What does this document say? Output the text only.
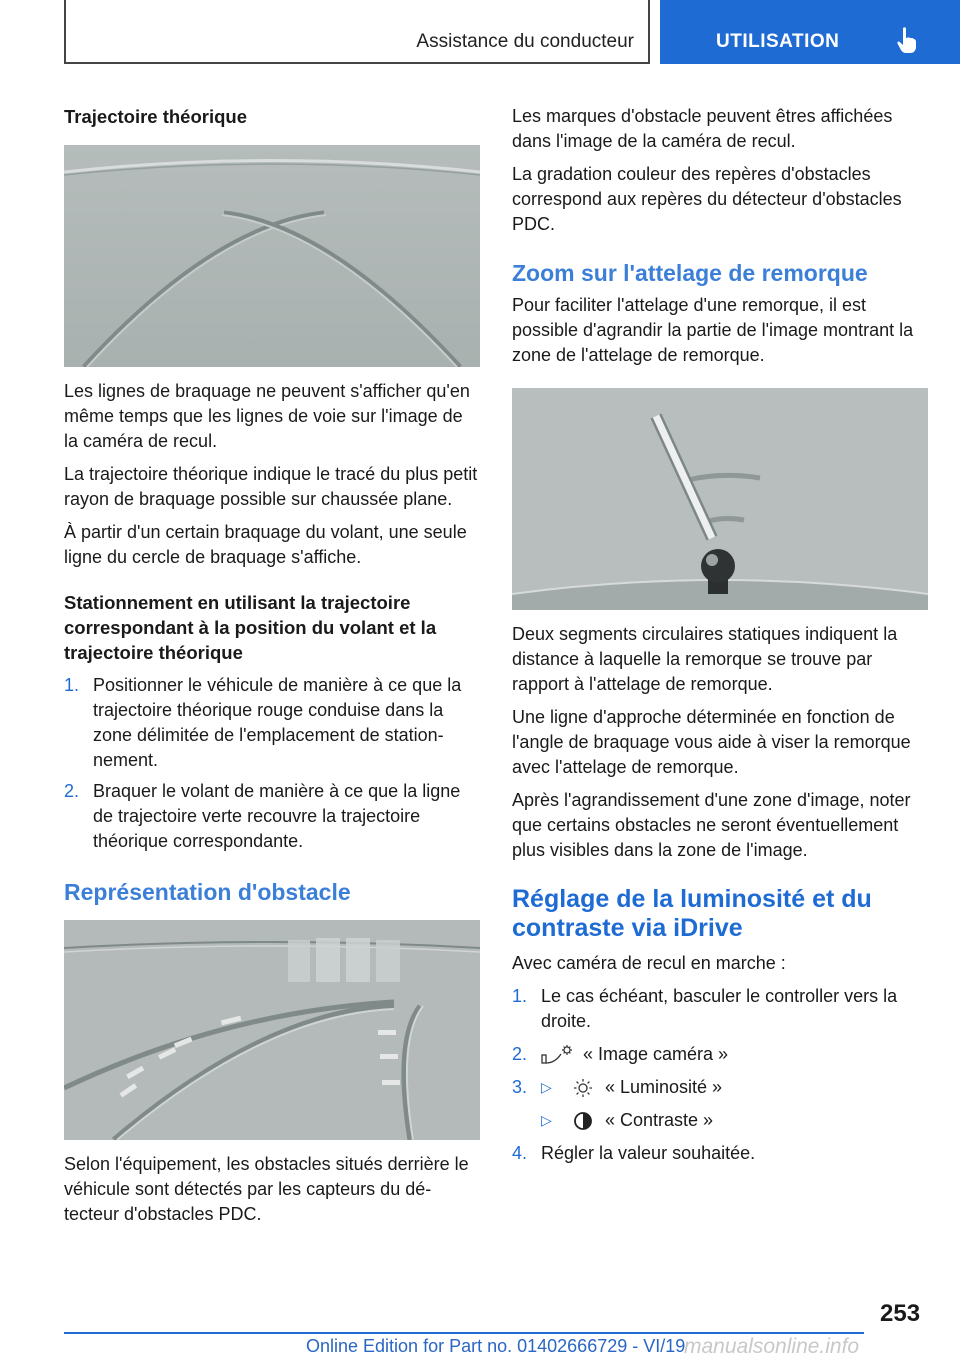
Assistance du conducteur	UTILISATION
Trajectoire théorique
Les lignes de braquage ne peuvent s'afficher qu'en même temps que les lignes de voie sur l'image de la caméra de recul.
La trajectoire théorique indique le tracé du plus petit rayon de braquage possible sur chaussée plane.
À partir d'un certain braquage du volant, une seule ligne du cercle de braquage s'affiche.
Stationnement en utilisant la trajectoire correspondant à la position du volant et la trajectoire théorique
1. Positionner le véhicule de manière à ce que la trajectoire théorique rouge conduise dans la zone délimitée de l'emplacement de stationnement.
2. Braquer le volant de manière à ce que la ligne de trajectoire verte recouvre la trajectoire théorique correspondante.
Représentation d'obstacle
Selon l'équipement, les obstacles situés derrière le véhicule sont détectés par les capteurs du détecteur d'obstacles PDC.
Les marques d'obstacle peuvent êtres affichées dans l'image de la caméra de recul.
La gradation couleur des repères d'obstacles correspond aux repères du détecteur d'obstacles PDC.
Zoom sur l'attelage de remorque
Pour faciliter l'attelage d'une remorque, il est possible d'agrandir la partie de l'image montrant la zone de l'attelage de remorque.
Deux segments circulaires statiques indiquent la distance à laquelle la remorque se trouve par rapport à l'attelage de remorque.
Une ligne d'approche déterminée en fonction de l'angle de braquage vous aide à viser la remorque avec l'attelage de remorque.
Après l'agrandissement d'une zone d'image, noter que certains obstacles ne seront éventuellement plus visibles dans la zone de l'image.
Réglage de la luminosité et du contraste via iDrive
Avec caméra de recul en marche :
1. Le cas échéant, basculer le controller vers la droite.
2.	« Image caméra »
3. ▷	« Luminosité »
▷	« Contraste »
4. Régler la valeur souhaitée.
253
Online Edition for Part no. 01402666729 - VI/19
manualsonline.info
